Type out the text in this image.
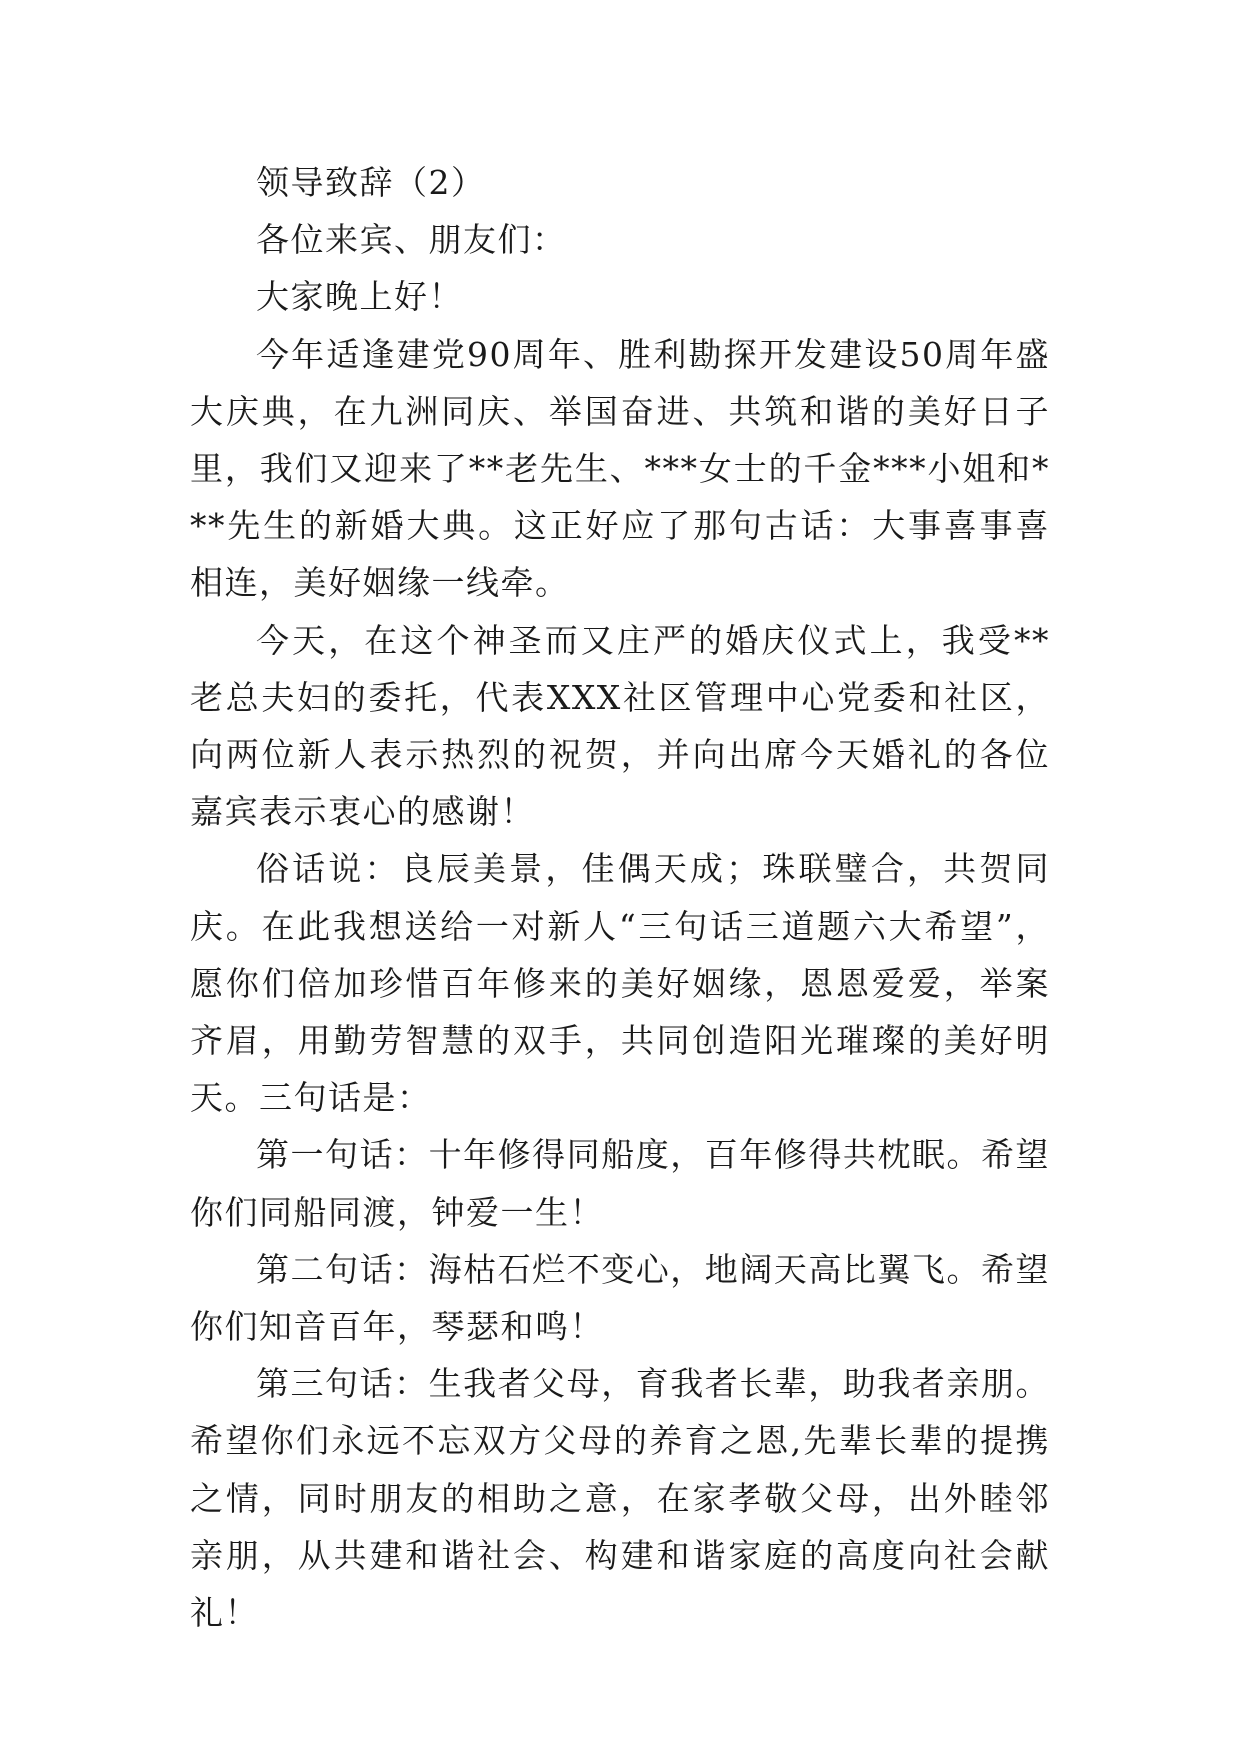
领导致辞（2）

各位来宾、朋友们：

大家晚上好！

今年适逢建党90周年、胜利勘探开发建设50周年盛大庆典，在九洲同庆、举国奋进、共筑和谐的美好日子里，我们又迎来了**老先生、***女士的千金***小姐和***先生的新婚大典。这正好应了那句古话：大事喜事喜相连，美好姻缘一线牵。

今天，在这个神圣而又庄严的婚庆仪式上，我受**老总夫妇的委托，代表XXX社区管理中心党委和社区，向两位新人表示热烈的祝贺，并向出席今天婚礼的各位嘉宾表示衷心的感谢！

俗话说：良辰美景，佳偶天成；珠联璧合，共贺同庆。在此我想送给一对新人“三句话三道题六大希望”，愿你们倍加珍惜百年修来的美好姻缘，恩恩爱爱，举案齐眉，用勤劳智慧的双手，共同创造阳光璀璨的美好明天。三句话是：

第一句话：十年修得同船度，百年修得共枕眠。希望你们同船同渡，钟爱一生！

第二句话：海枯石烂不变心，地阔天高比翼飞。希望你们知音百年，琴瑟和鸣！

第三句话：生我者父母，育我者长辈，助我者亲朋。希望你们永远不忘双方父母的养育之恩,先辈长辈的提携之情，同时朋友的相助之意，在家孝敬父母，出外睦邻亲朋，从共建和谐社会、构建和谐家庭的高度向社会献礼！
